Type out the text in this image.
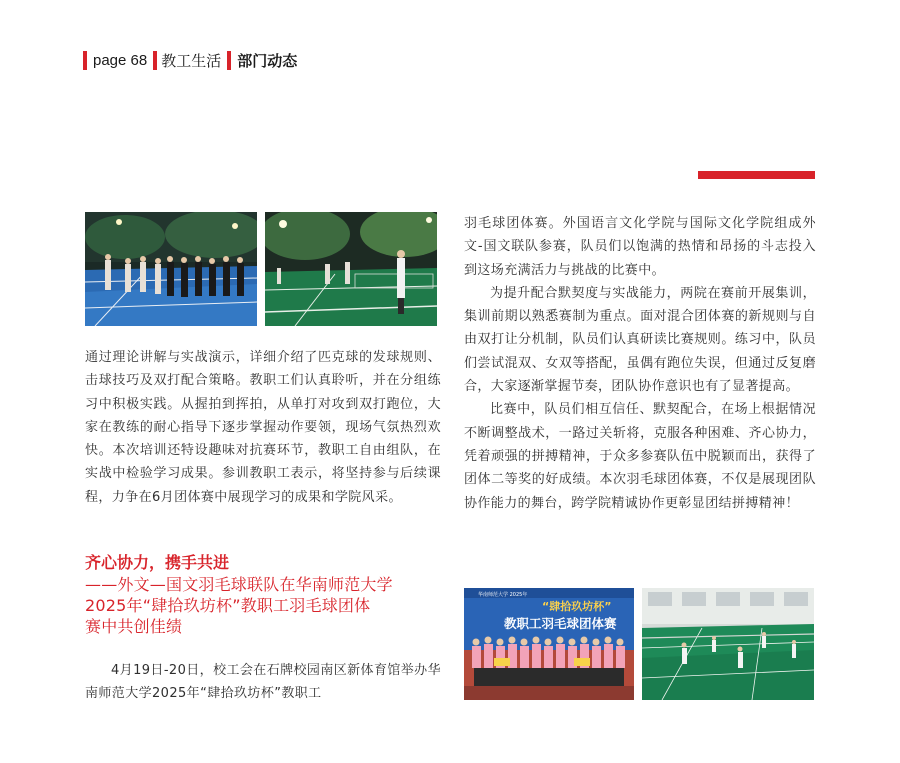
page 68 教工生活 部门动态

通过理论讲解与实战演示，详细介绍了匹克球的发球规则、击球技巧及双打配合策略。教职工们认真聆听，并在分组练习中积极实践。从握拍到挥拍，从单打对攻到双打跑位，大家在教练的耐心指导下逐步掌握动作要领，现场气氛热烈欢快。本次培训还特设趣味对抗赛环节，教职工自由组队，在实战中检验学习成果。参训教职工表示，将坚持参与后续课程，力争在6月团体赛中展现学习的成果和学院风采。

齐心协力，携手共进
——外文—国文羽毛球联队在华南师范大学
2025年“肆拾玖坊杯”教职工羽毛球团体
赛中共创佳绩

4月19日-20日，校工会在石牌校园南区新体育馆举办华南师范大学2025年“肆拾玖坊杯”教职工

羽毛球团体赛。外国语言文化学院与国际文化学院组成外文-国文联队参赛，队员们以饱满的热情和昂扬的斗志投入到这场充满活力与挑战的比赛中。

为提升配合默契度与实战能力，两院在赛前开展集训，集训前期以熟悉赛制为重点。面对混合团体赛的新规则与自由双打让分机制，队员们认真研读比赛规则。练习中，队员们尝试混双、女双等搭配，虽偶有跑位失误，但通过反复磨合，大家逐渐掌握节奏，团队协作意识也有了显著提高。

比赛中，队员们相互信任、默契配合，在场上根据情况不断调整战术，一路过关斩将，克服各种困难、齐心协力，凭着顽强的拼搏精神，于众多参赛队伍中脱颖而出，获得了团体二等奖的好成绩。本次羽毛球团体赛，不仅是展现团队协作能力的舞台，跨学院精诚协作更彰显团结拼搏精神！

华南师范大学 2025年
“肆拾玖坊杯”
教职工羽毛球团体赛
